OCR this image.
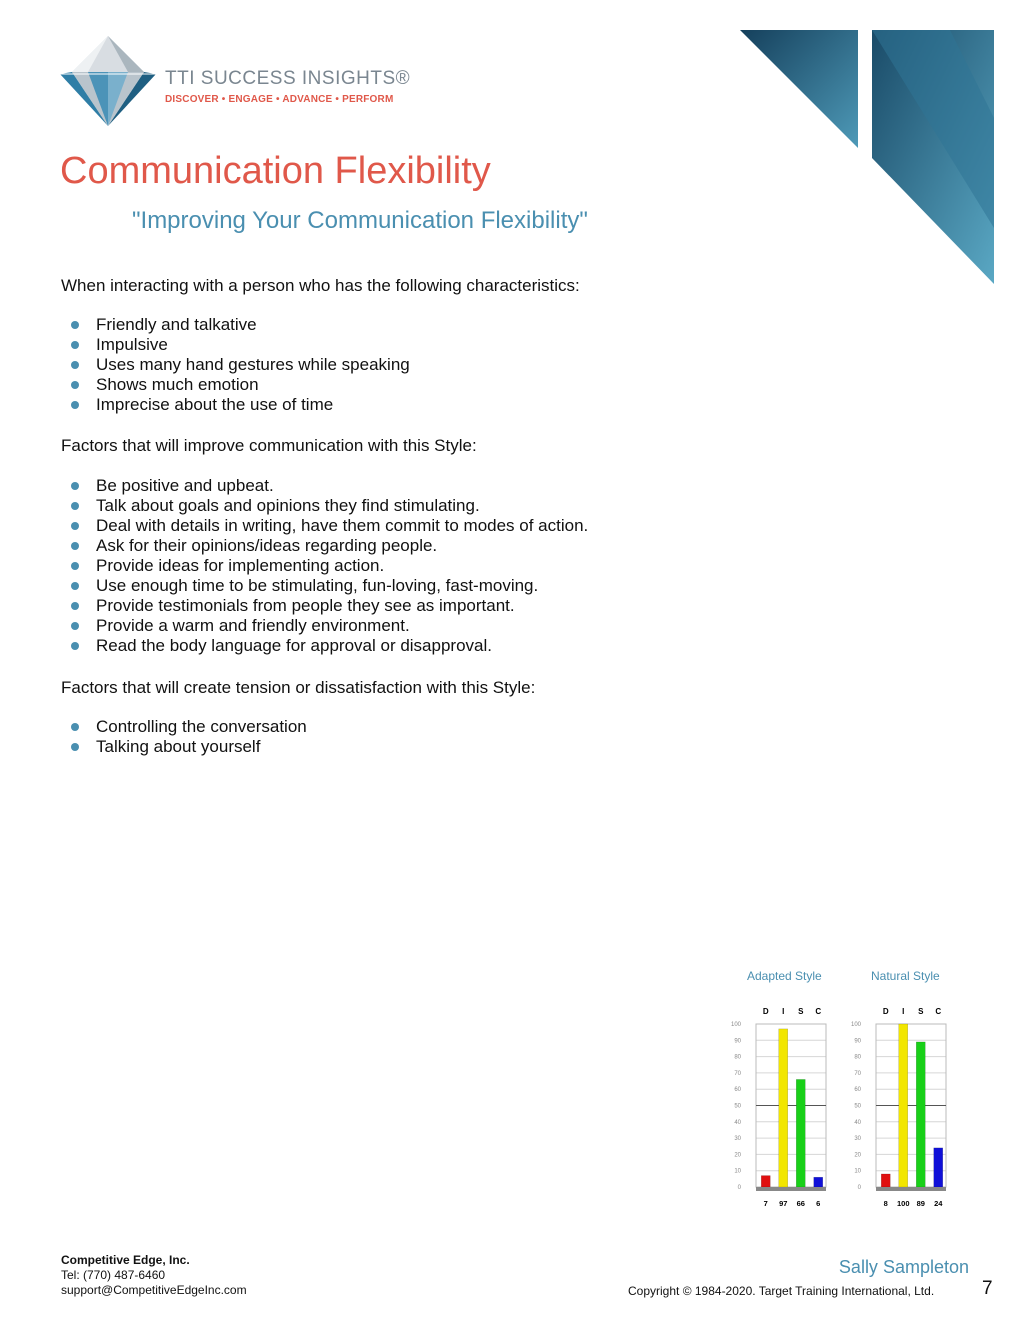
TTI SUCCESS INSIGHTS®
DISCOVER • ENGAGE • ADVANCE • PERFORM
Communication Flexibility
"Improving Your Communication Flexibility"
When interacting with a person who has the following characteristics:
Friendly and talkative
Impulsive
Uses many hand gestures while speaking
Shows much emotion
Imprecise about the use of time
Factors that will improve communication with this Style:
Be positive and upbeat.
Talk about goals and opinions they find stimulating.
Deal with details in writing, have them commit to modes of action.
Ask for their opinions/ideas regarding people.
Provide ideas for implementing action.
Use enough time to be stimulating, fun-loving, fast-moving.
Provide testimonials from people they see as important.
Provide a warm and friendly environment.
Read the body language for approval or disapproval.
Factors that will create tension or dissatisfaction with this Style:
Controlling the conversation
Talking about yourself
Adapted Style	Natural Style
100
90
80
70
60
50
40
30
20
10
0
D
7
I
97
S
66
C
6
100
90
80
70
60
50
40
30
20
10
0
D
8
I
100
S
89
C
24
Competitive Edge, Inc.
Tel: (770) 487-6460
support@CompetitiveEdgeInc.com
Sally Sampleton
Copyright © 1984-2020. Target Training International, Ltd.	7
